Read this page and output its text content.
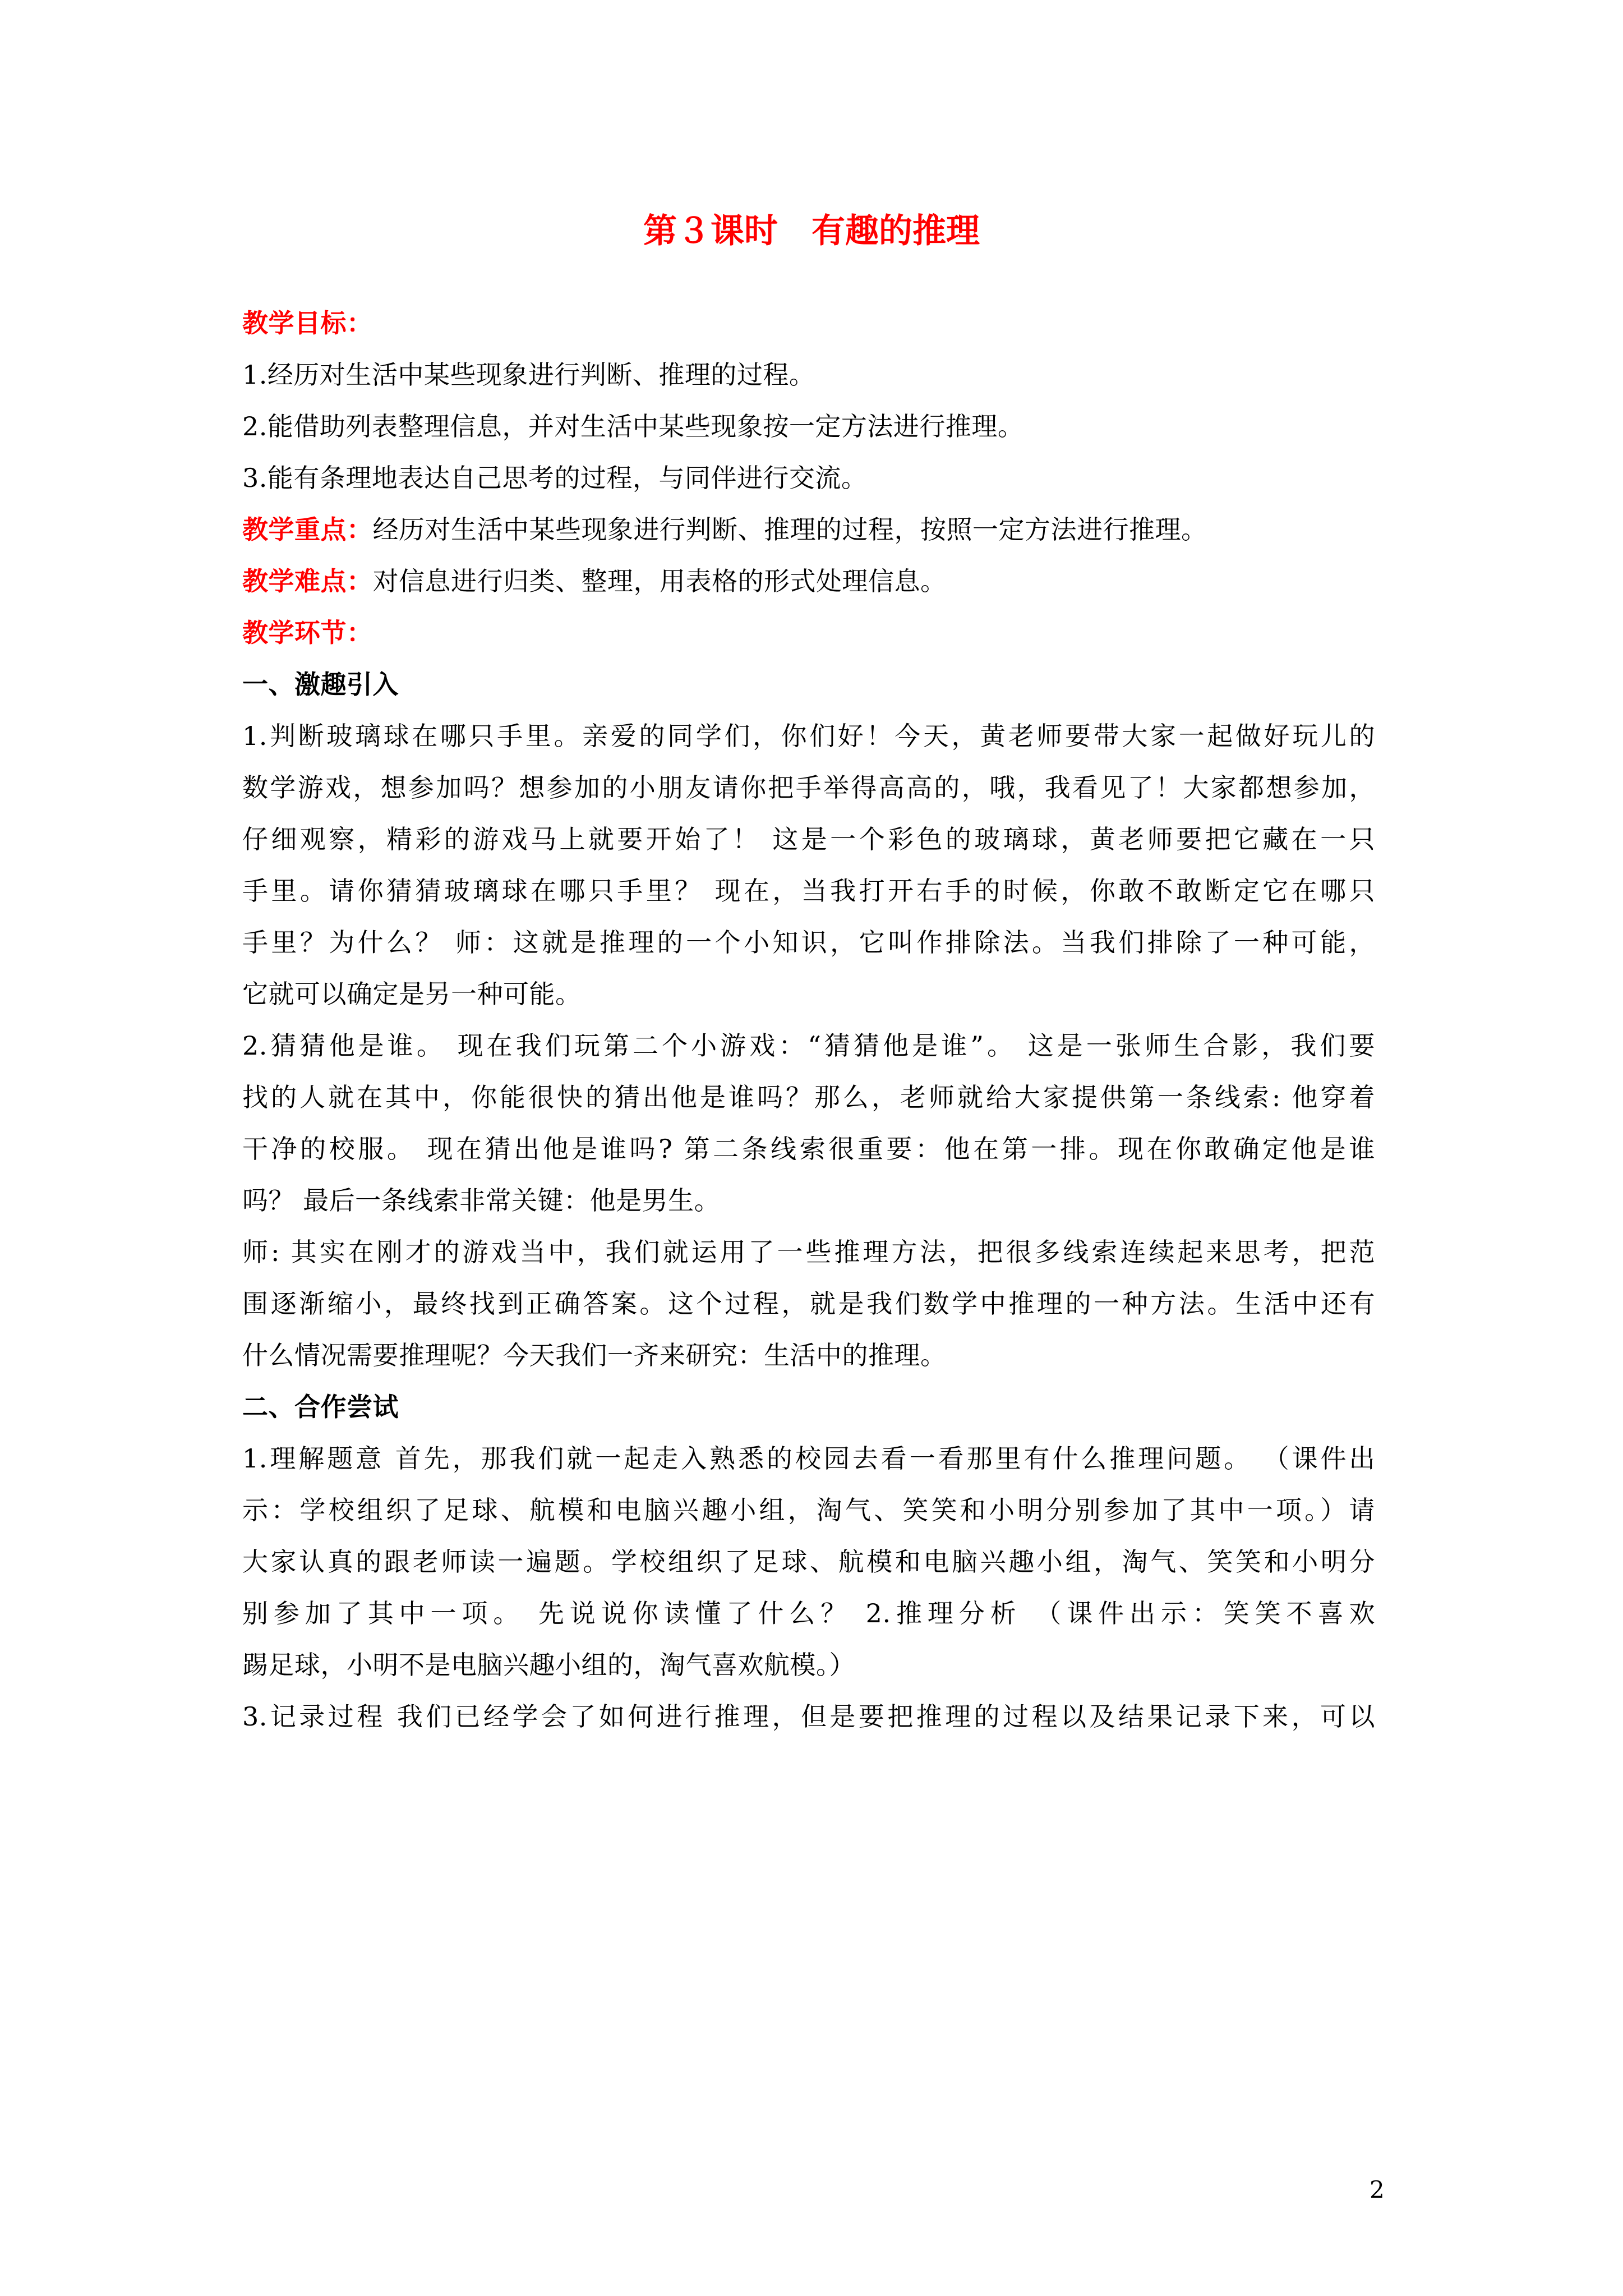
第３课时 有趣的推理
教学目标：
1.经历对生活中某些现象进行判断、推理的过程。
2.能借助列表整理信息，并对生活中某些现象按一定方法进行推理。
3.能有条理地表达自己思考的过程，与同伴进行交流。
教学重点：经历对生活中某些现象进行判断、推理的过程，按照一定方法进行推理。
教学难点：对信息进行归类、整理，用表格的形式处理信息。
教学环节：
一、激趣引入
1.判断玻璃球在哪只手里。亲爱的同学们，你们好！今天，黄老师要带大家一起做好玩儿的
数学游戏，想参加吗？想参加的小朋友请你把手举得高高的，哦，我看见了！大家都想参加，
仔细观察，精彩的游戏马上就要开始了！ 这是一个彩色的玻璃球，黄老师要把它藏在一只
手里。请你猜猜玻璃球在哪只手里？ 现在，当我打开右手的时候，你敢不敢断定它在哪只
手里？为什么？ 师：这就是推理的一个小知识，它叫作排除法。当我们排除了一种可能，
它就可以确定是另一种可能。
2.猜猜他是谁。 现在我们玩第二个小游戏：“猜猜他是谁”。 这是一张师生合影，我们要
找的人就在其中，你能很快的猜出他是谁吗？那么，老师就给大家提供第一条线索: 他穿着
干净的校服。 现在猜出他是谁吗? 第二条线索很重要：他在第一排。现在你敢确定他是谁
吗？ 最后一条线索非常关键：他是男生。
师: 其实在刚才的游戏当中，我们就运用了一些推理方法，把很多线索连续起来思考，把范
围逐渐缩小，最终找到正确答案。这个过程，就是我们数学中推理的一种方法。生活中还有
什么情况需要推理呢？今天我们一齐来研究：生活中的推理。
二、合作尝试
1.理解题意 首先，那我们就一起走入熟悉的校园去看一看那里有什么推理问题。 （课件出
示：学校组织了足球、航模和电脑兴趣小组，淘气、笑笑和小明分别参加了其中一项。）请
大家认真的跟老师读一遍题。学校组织了足球、航模和电脑兴趣小组，淘气、笑笑和小明分
别参加了其中一项。 先说说你读懂了什么？ 2.推理分析 （课件出示：笑笑不喜欢
踢足球，小明不是电脑兴趣小组的，淘气喜欢航模。）
3.记录过程 我们已经学会了如何进行推理，但是要把推理的过程以及结果记录下来，可以
2
